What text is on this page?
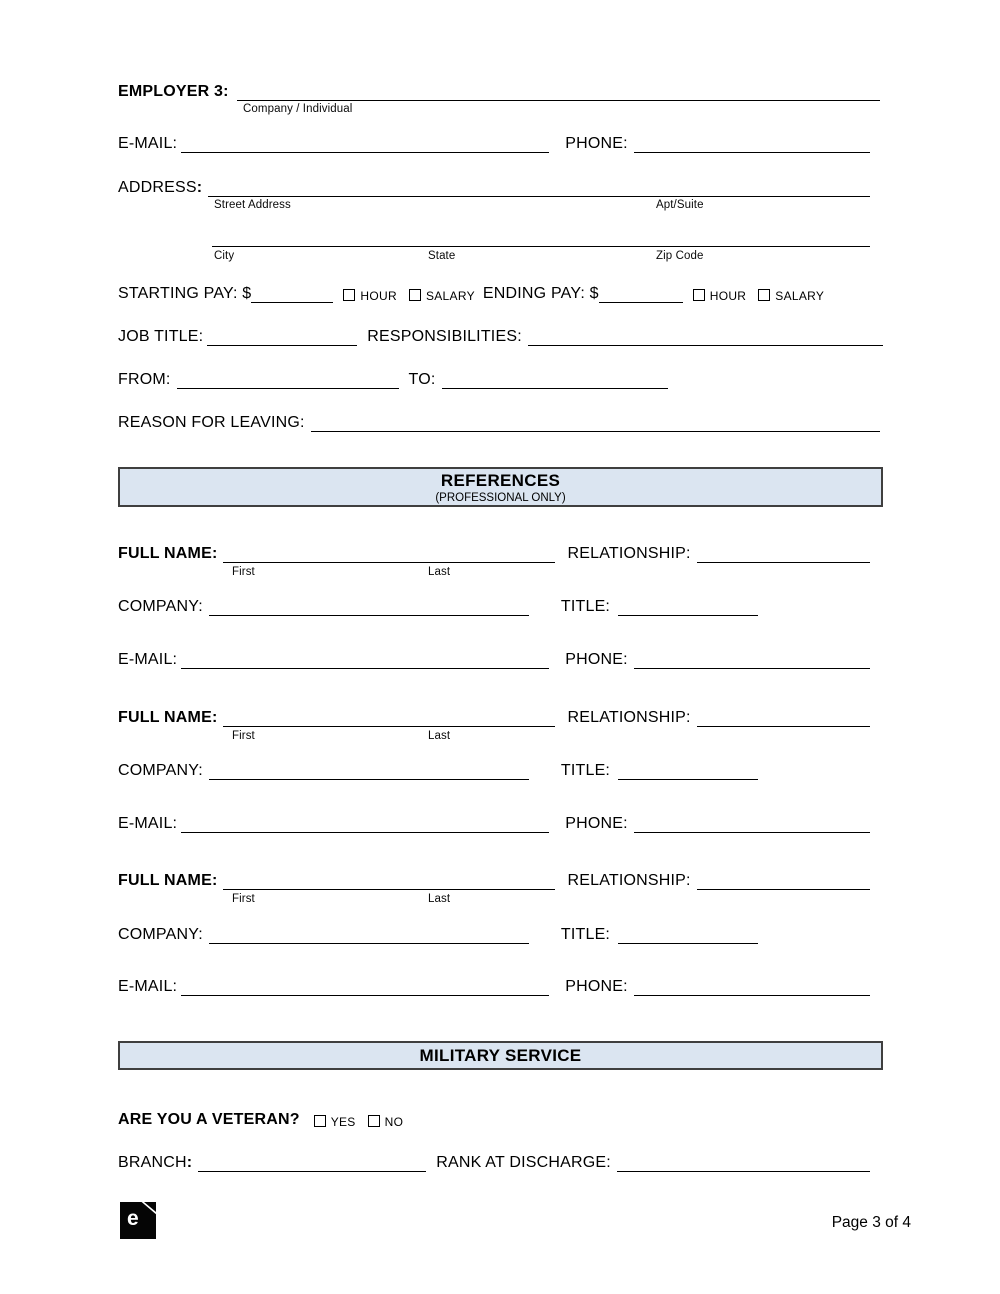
EMPLOYER 3:
Company / Individual
E-MAIL:	PHONE:
ADDRESS :
Street Address	Apt/Suite
City	State	Zip Code
STARTING PAY: $	HOUR SALARY ENDING PAY: $	HOUR SALARY
JOB TITLE:	RESPONSIBILITIES:
FROM:	TO:
REASON FOR LEAVING:
REFERENCES
(PROFESSIONAL ONLY)
FULL NAME:	RELATIONSHIP:
First	Last
COMPANY:	TITLE:
E-MAIL:	PHONE:
FULL NAME:	RELATIONSHIP:
First	Last
COMPANY:	TITLE:
E-MAIL:	PHONE:
FULL NAME:	RELATIONSHIP:
First	Last
COMPANY:	TITLE:
E-MAIL:	PHONE:
MILITARY SERVICE
ARE YOU A VETERAN?	YES NO
BRANCH :	RANK AT DISCHARGE:
e	Page 3 of 4
